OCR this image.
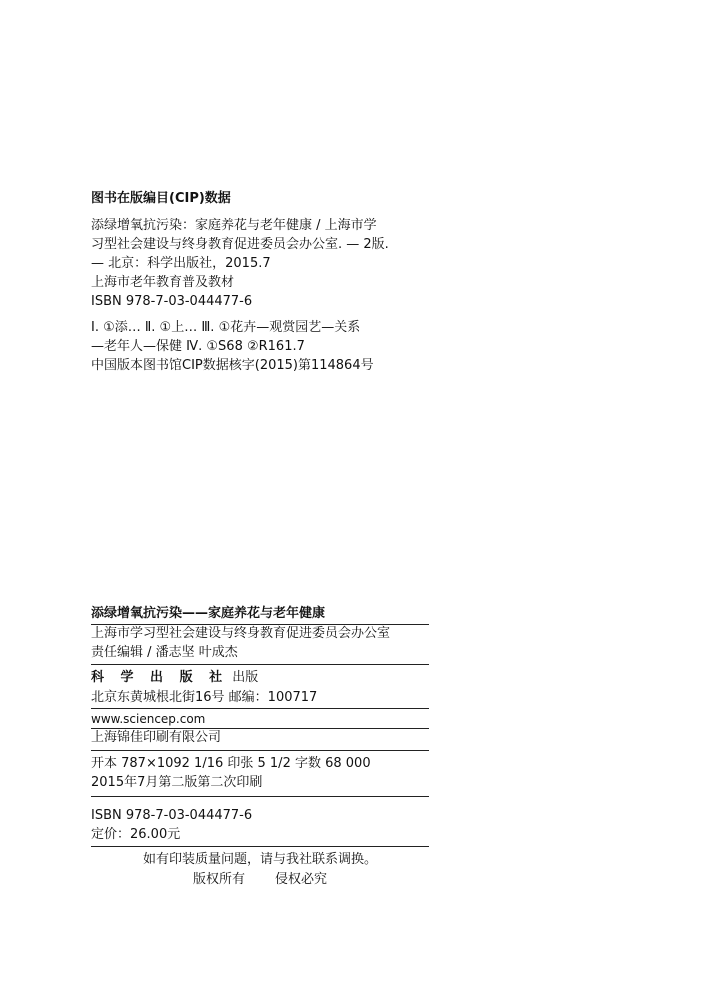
图书在版编目(CIP)数据
添绿增氧抗污染：家庭养花与老年健康 / 上海市学
习型社会建设与终身教育促进委员会办公室. — 2版.
— 北京：科学出版社，2015.7
上海市老年教育普及教材
ISBN 978-7-03-044477-6
Ⅰ. ①添… Ⅱ. ①上… Ⅲ. ①花卉—观赏园艺—关系
—老年人—保健 Ⅳ. ①S68 ②R161.7
中国版本图书馆CIP数据核字(2015)第114864号
添绿增氧抗污染——家庭养花与老年健康
上海市学习型社会建设与终身教育促进委员会办公室
责任编辑 / 潘志坚 叶成杰
科 学 出 版 社 出版
北京东黄城根北街16号 邮编：100717
www.sciencep.com
上海锦佳印刷有限公司
开本 787×1092 1/16 印张 5 1/2 字数 68 000
2015年7月第二版第二次印刷
ISBN 978-7-03-044477-6
定价：26.00元
如有印装质量问题，请与我社联系调换。
版权所有 侵权必究
